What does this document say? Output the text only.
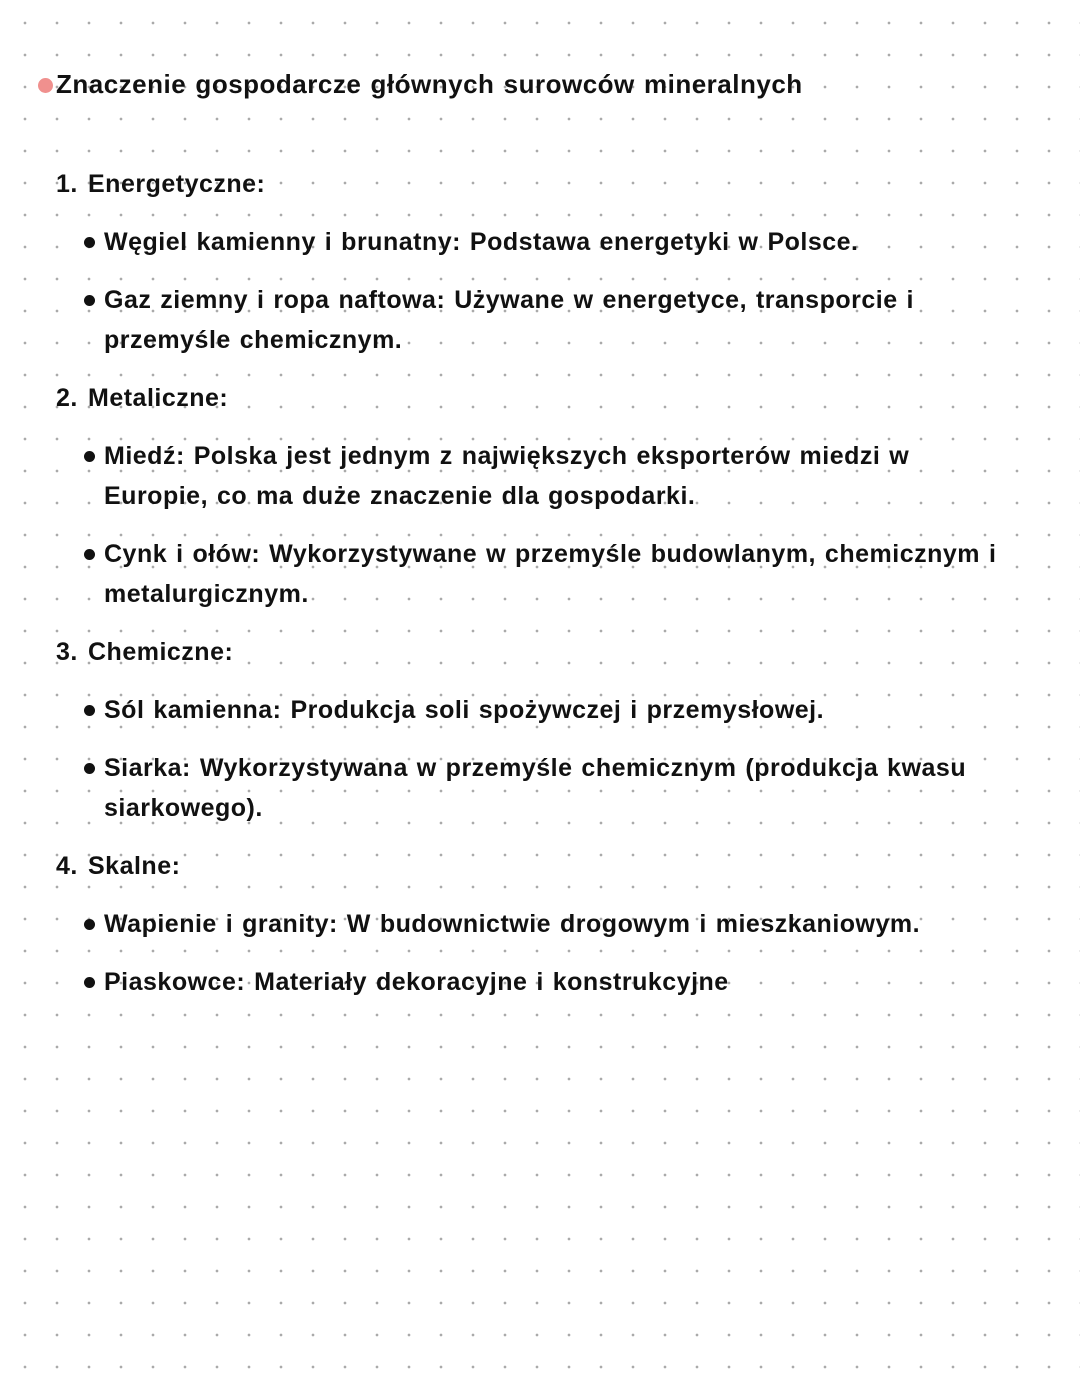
Znaczenie gospodarcze głównych surowców mineralnych
1. Energetyczne:
Węgiel kamienny i brunatny: Podstawa energetyki w Polsce.
Gaz ziemny i ropa naftowa: Używane w energetyce, transporcie i
przemyśle chemicznym.
2. Metaliczne:
Miedź: Polska jest jednym z największych eksporterów miedzi w
Europie, co ma duże znaczenie dla gospodarki.
Cynk i ołów: Wykorzystywane w przemyśle budowlanym, chemicznym i
metalurgicznym.
3. Chemiczne:
Sól kamienna: Produkcja soli spożywczej i przemysłowej.
Siarka: Wykorzystywana w przemyśle chemicznym (produkcja kwasu
siarkowego).
4. Skalne:
Wapienie i granity: W budownictwie drogowym i mieszkaniowym.
Piaskowce: Materiały dekoracyjne i konstrukcyjne
